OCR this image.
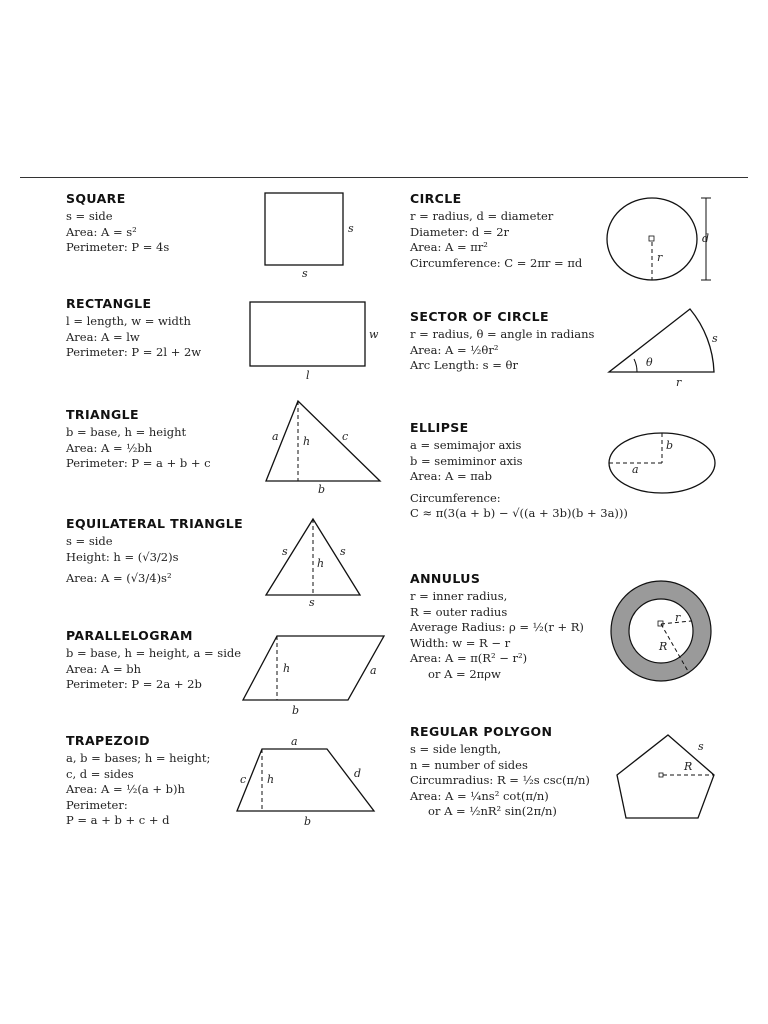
SQUARE
s = side
Area: A = s²
Perimeter: P = 4s
s
s
RECTANGLE
l = length, w = width
Area: A = lw
Perimeter: P = 2l + 2w
w
l
TRIANGLE
b = base, h = height
Area: A = ½bh
Perimeter: P = a + b + c
a h	c
b
EQUILATERAL TRIANGLE
s = side
Height: h = (√3/2)s
Area: A = (√3/4)s²
s	s
h
s
PARALLELOGRAM
b = base, h = height, a = side
Area: A = bh
Perimeter: P = 2a + 2b
h	a
b
TRAPEZOID
a, b = bases; h = height;
c, d = sides
Area: A = ½(a + b)h
Perimeter:
P = a + b + c + d
a
c h	d
b
CIRCLE
r = radius, d = diameter
Diameter: d = 2r
Area: A = πr²
Circumference: C = 2πr = πd	r
d
SECTOR OF CIRCLE
r = radius, θ = angle in radians
Area: A = ½θr²
Arc Length: s = θr	θ
s
r
ELLIPSE
a = semimajor axis
b = semiminor axis
Area: A = πab
Circumference:
C ≈ π(3(a + b) − √((a + 3b)(b + 3a)))
b
a
ANNULUS
r = inner radius,
R = outer radius
Average Radius: ρ = ½(r + R)
Width: w = R − r
Area: A = π(R² − r²)
or A = 2πρw
r
R
REGULAR POLYGON
s = side length,
n = number of sides
Circumradius: R = ½s csc(π/n)
Area: A = ¼ns² cot(π/n)
or A = ½nR² sin(2π/n)
R
s
